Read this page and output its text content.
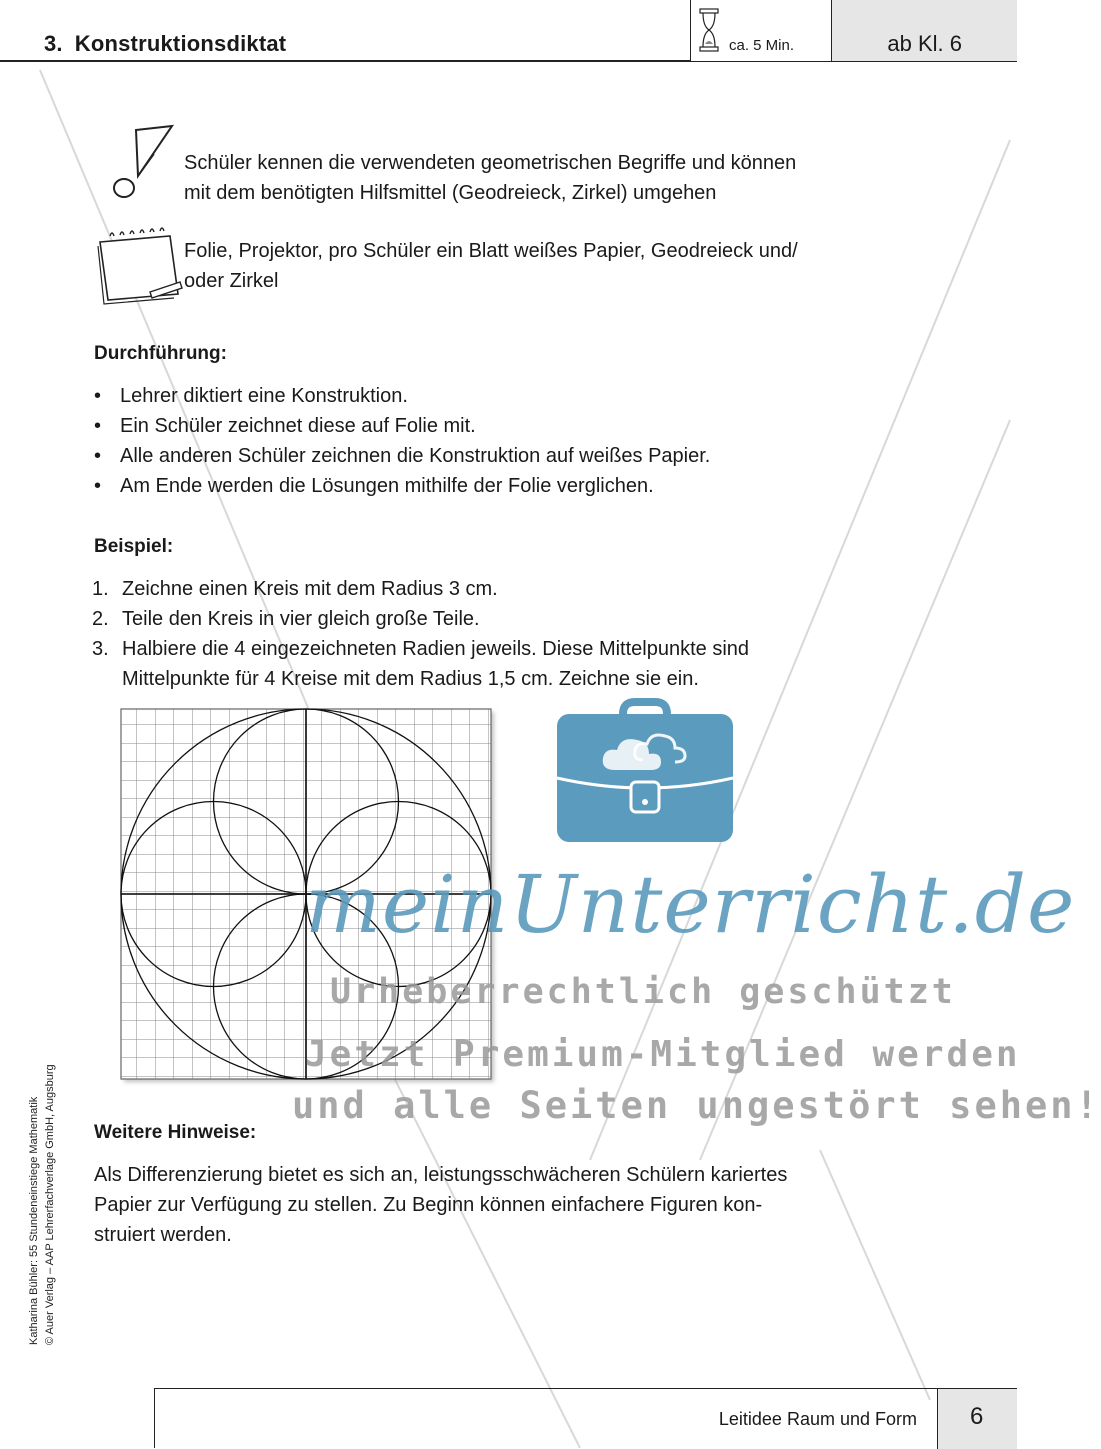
3. Konstruktionsdiktat	ca. 5 Min.	ab Kl. 6
Schüler kennen die verwendeten geometrischen Begriffe und können
mit dem benötigten Hilfsmittel (Geodreieck, Zirkel) umgehen
Folie, Projektor, pro Schüler ein Blatt weißes Papier, Geodreieck und/
oder Zirkel
Durchführung:
• Lehrer diktiert eine Konstruktion.
• Ein Schüler zeichnet diese auf Folie mit.
• Alle anderen Schüler zeichnen die Konstruktion auf weißes Papier.
• Am Ende werden die Lösungen mithilfe der Folie verglichen.
Beispiel:
1. Zeichne einen Kreis mit dem Radius 3 cm.
2. Teile den Kreis in vier gleich große Teile.
3. Halbiere die 4 eingezeichneten Radien jeweils. Diese Mittelpunkte sind
Mittelpunkte für 4 Kreise mit dem Radius 1,5 cm. Zeichne sie ein.
meinUnterricht.de
Urheberrechtlich geschützt
Jetzt Premium-Mitglied werden
und alle Seiten ungestört sehen!
Weitere Hinweise:
Als Differenzierung bietet es sich an, leistungsschwächeren Schülern kariertes
Papier zur Verfügung zu stellen. Zu Beginn können einfachere Figuren kon-
struiert werden.
Katharina Bühler: 55 Stundeneinstiege Mathematik © Auer Verlag – AAP Lehrerfachverlage GmbH, Augsburg
Leitidee Raum und Form 6
